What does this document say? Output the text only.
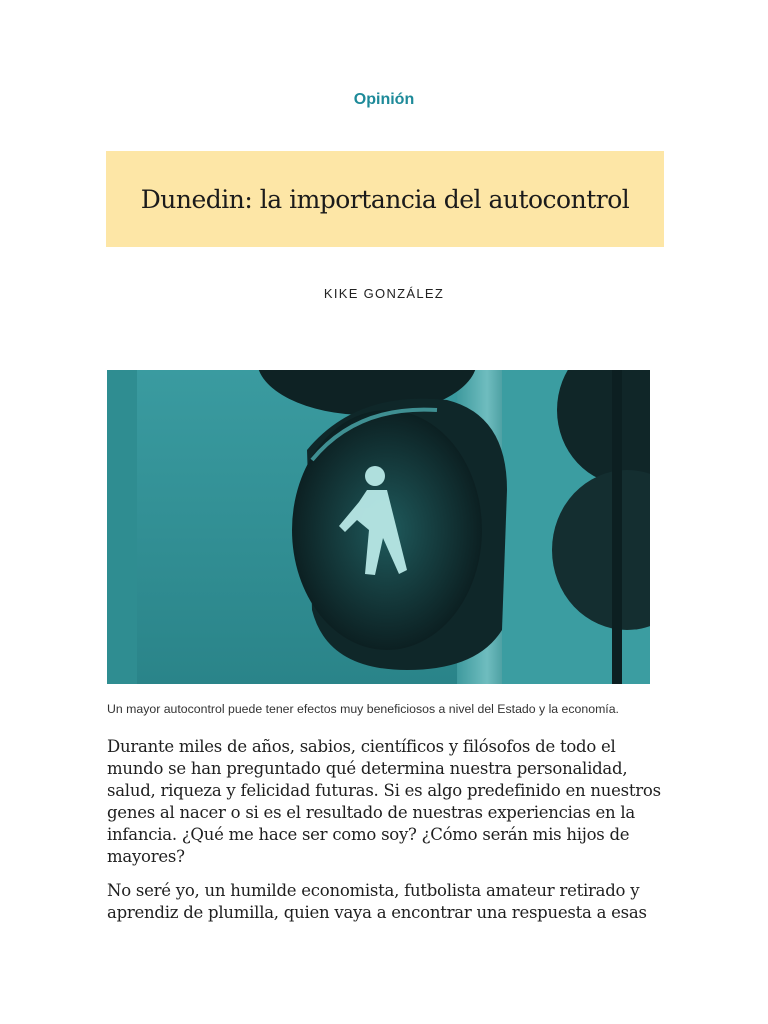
Opinión
Dunedin: la importancia del autocontrol
KIKE GONZÁLEZ
Un mayor autocontrol puede tener efectos muy beneficiosos a nivel del Estado y la economía.

Durante miles de años, sabios, científicos y filósofos de todo el mundo se han preguntado qué determina nuestra personalidad, salud, riqueza y felicidad futuras. Si es algo predefinido en nuestros genes al nacer o si es el resultado de nuestras experiencias en la infancia. ¿Qué me hace ser como soy? ¿Cómo serán mis hijos de mayores?

No seré yo, un humilde economista, futbolista amateur retirado y aprendiz de plumilla, quien vaya a encontrar una respuesta a esas
